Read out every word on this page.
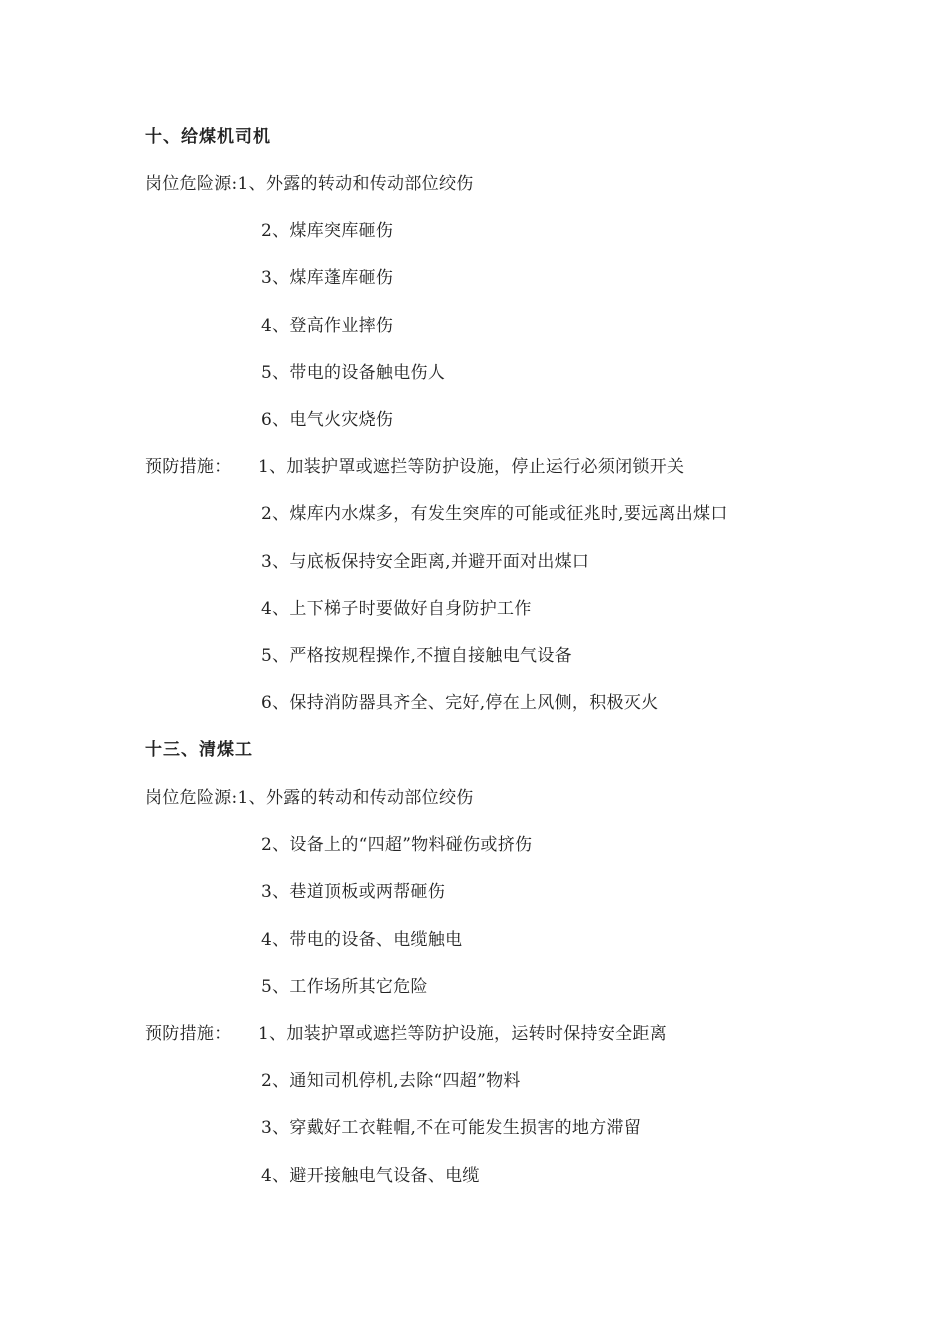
十、给煤机司机
岗位危险源:1、外露的转动和传动部位绞伤
2、煤库突库砸伤
3、煤库蓬库砸伤
4、登高作业摔伤
5、带电的设备触电伤人
6、电气火灾烧伤
预防措施： 1、加装护罩或遮拦等防护设施，停止运行必须闭锁开关
2、煤库内水煤多，有发生突库的可能或征兆时,要远离出煤口
3、与底板保持安全距离,并避开面对出煤口
4、上下梯子时要做好自身防护工作
5、严格按规程操作,不擅自接触电气设备
6、保持消防器具齐全、完好,停在上风侧，积极灭火
十三、清煤工
岗位危险源:1、外露的转动和传动部位绞伤
2、设备上的“四超”物料碰伤或挤伤
3、巷道顶板或两帮砸伤
4、带电的设备、电缆触电
5、工作场所其它危险
预防措施： 1、加装护罩或遮拦等防护设施，运转时保持安全距离
2、通知司机停机,去除“四超”物料
3、穿戴好工衣鞋帽,不在可能发生损害的地方滞留
4、避开接触电气设备、电缆
